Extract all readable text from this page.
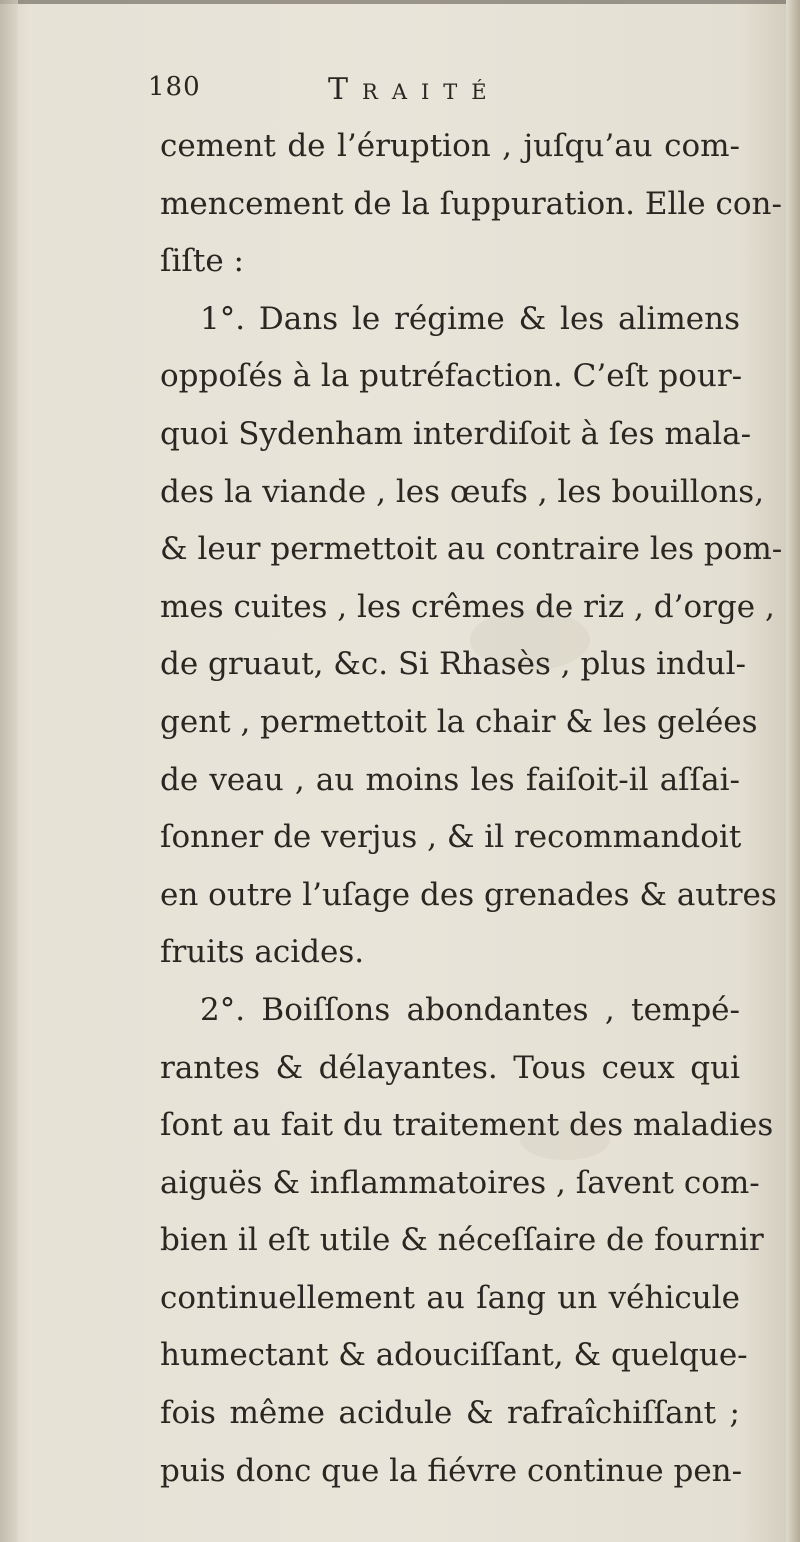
180	Traité
cement de l’éruption , juſqu’au com-
mencement de la ſuppuration. Elle con-
ſiſte :
1°. Dans le régime & les alimens
oppoſés à la putréfaction. C’eſt pour-
quoi Sydenham interdiſoit à ſes mala-
des la viande , les œufs , les bouillons,
& leur permettoit au contraire les pom-
mes cuites , les crêmes de riz , d’orge ,
de gruaut, &c. Si Rhasès , plus indul-
gent , permettoit la chair & les gelées
de veau , au moins les faiſoit-il aſſai-
ſonner de verjus , & il recommandoit
en outre l’uſage des grenades & autres
fruits acides.
2°. Boiſſons abondantes , tempé-
rantes & délayantes. Tous ceux qui
ſont au fait du traitement des maladies
aiguës & inflammatoires , ſavent com-
bien il eſt utile & néceſſaire de fournir
continuellement au ſang un véhicule
humectant & adouciſſant, & quelque-
fois même acidule & rafraîchiſſant ;
puis donc que la fiévre continue pen-
